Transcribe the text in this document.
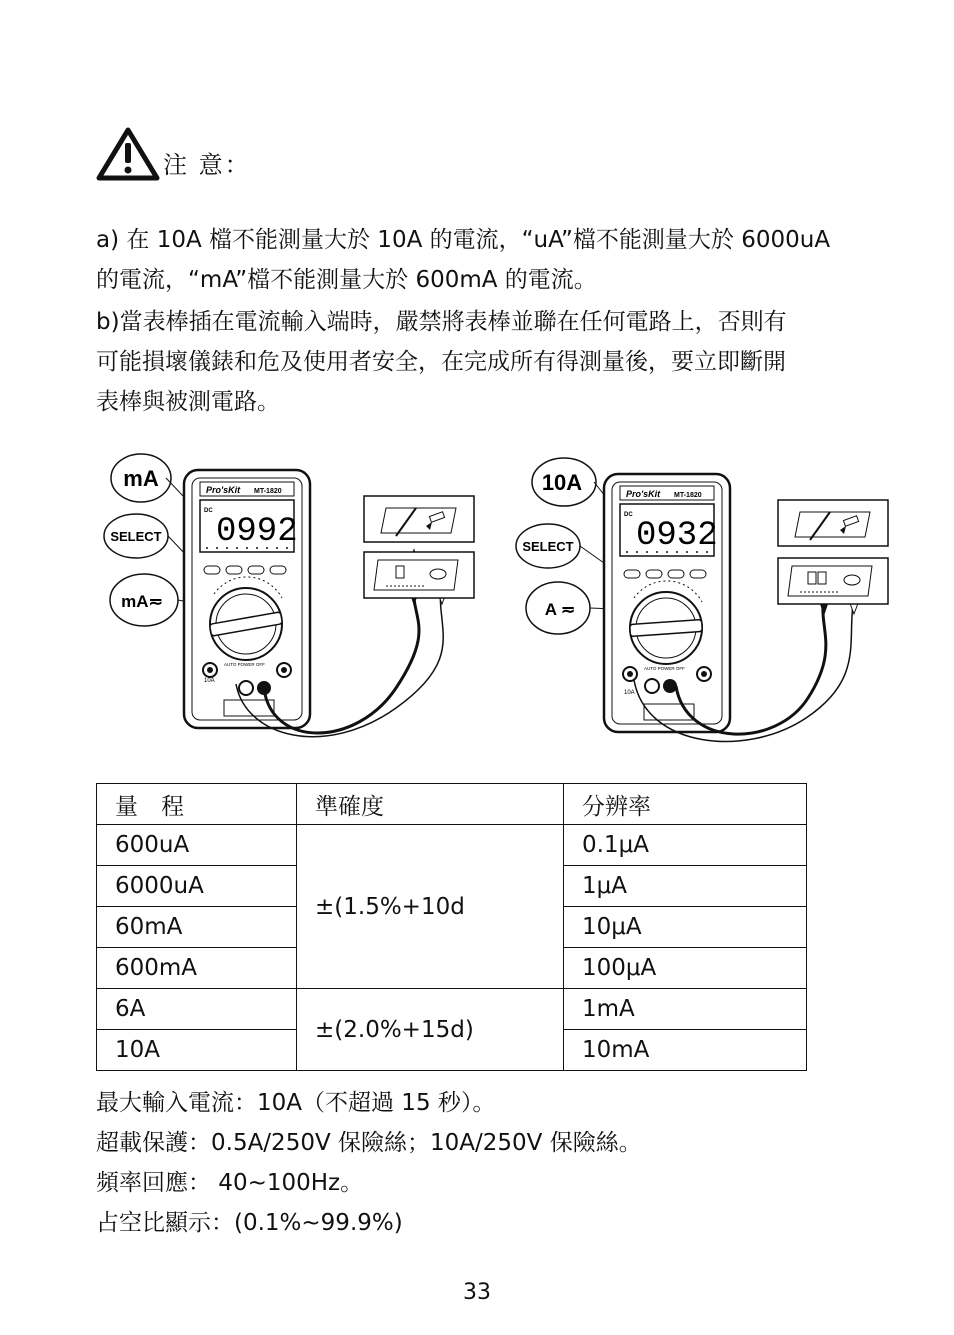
注 意：

a) 在 10A 檔不能測量大於 10A 的電流，“uA”檔不能測量大於 6000uA

的電流，“mA”檔不能測量大於 600mA 的電流。

b)當表棒插在電流輸入端時，嚴禁將表棒並聯在任何電路上，否則有

可能損壞儀錶和危及使用者安全，在完成所有得測量後，要立即斷開

表棒與被測電路。

mA
SELECT
mA≂
Pro'sKit MT-1820
DC
0992
10A
AUTO POWER OFF
10A
SELECT
A ≂
Pro'sKit MT-1820
DC
0932
10A
AUTO POWER OFF
量　程	準確度	分辨率
600uA	±(1.5%+10d	0.1μA
6000uA		1μA
60mA		10μA
600mA		100μA
6A	±(2.0%+15d)	1mA
10A		10mA

最大輸入電流：10A（不超過 15 秒）。

超載保護：0.5A/250V 保險絲；10A/250V 保險絲。

頻率回應： 40~100Hz。

占空比顯示：(0.1%~99.9%)

33
